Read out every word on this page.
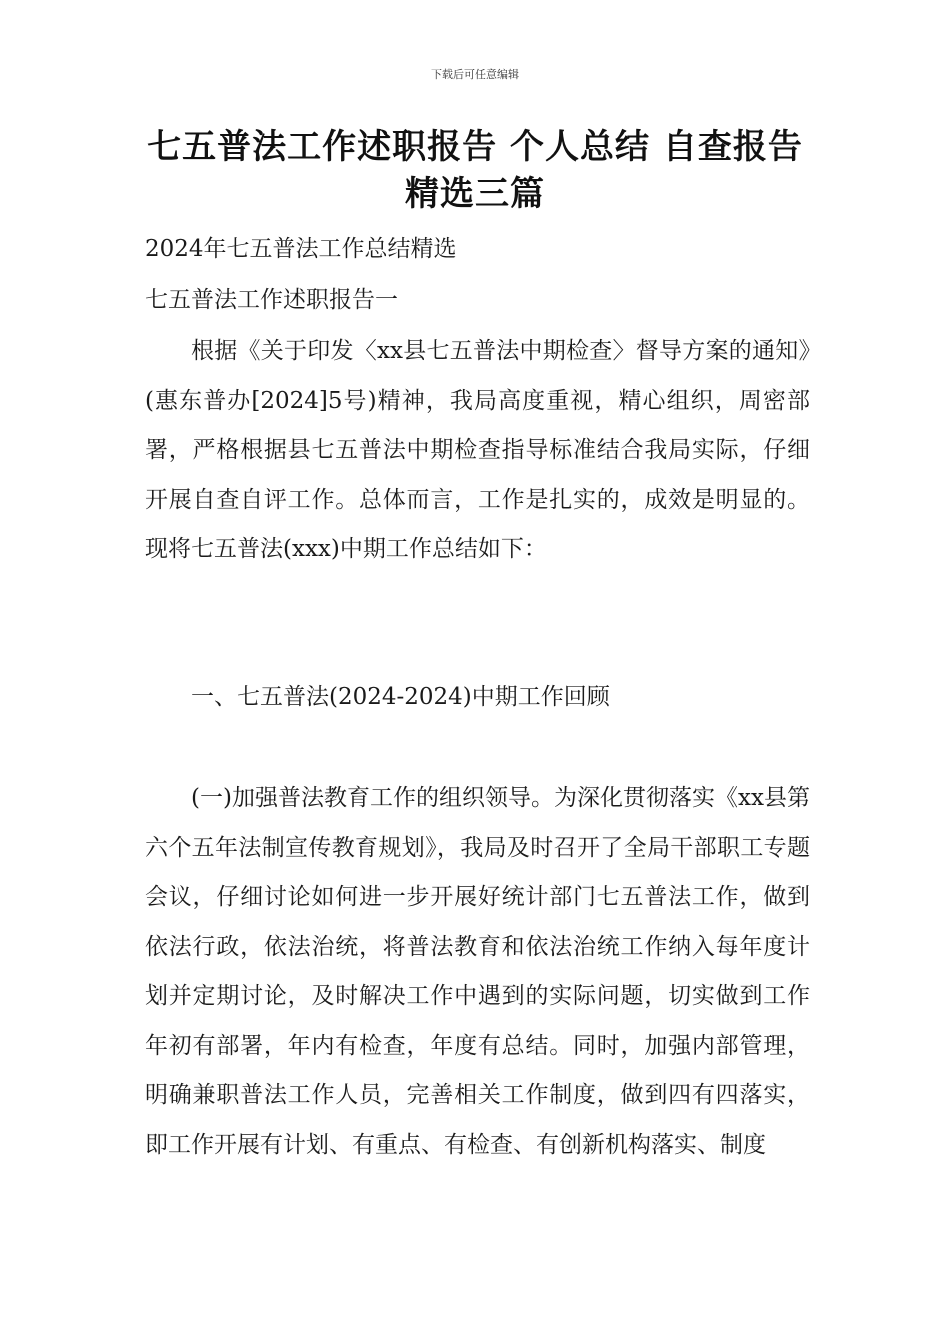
下载后可任意编辑
七五普法工作述职报告 个人总结 自查报告精选三篇
2024年七五普法工作总结精选
七五普法工作述职报告一

根据《关于印发〈xx县七五普法中期检查〉督导方案的通知》(惠东普办[2024]5号)精神，我局高度重视，精心组织，周密部署，严格根据县七五普法中期检查指导标准结合我局实际，仔细开展自查自评工作。总体而言，工作是扎实的，成效是明显的。现将七五普法(xxx)中期工作总结如下：

一、七五普法(2024-2024)中期工作回顾

(一)加强普法教育工作的组织领导。为深化贯彻落实《xx县第六个五年法制宣传教育规划》，我局及时召开了全局干部职工专题会议，仔细讨论如何进一步开展好统计部门七五普法工作，做到依法行政，依法治统，将普法教育和依法治统工作纳入每年度计划并定期讨论，及时解决工作中遇到的实际问题，切实做到工作年初有部署，年内有检查，年度有总结。同时，加强内部管理，明确兼职普法工作人员，完善相关工作制度，做到四有四落实，即工作开展有计划、有重点、有检查、有创新机构落实、制度
